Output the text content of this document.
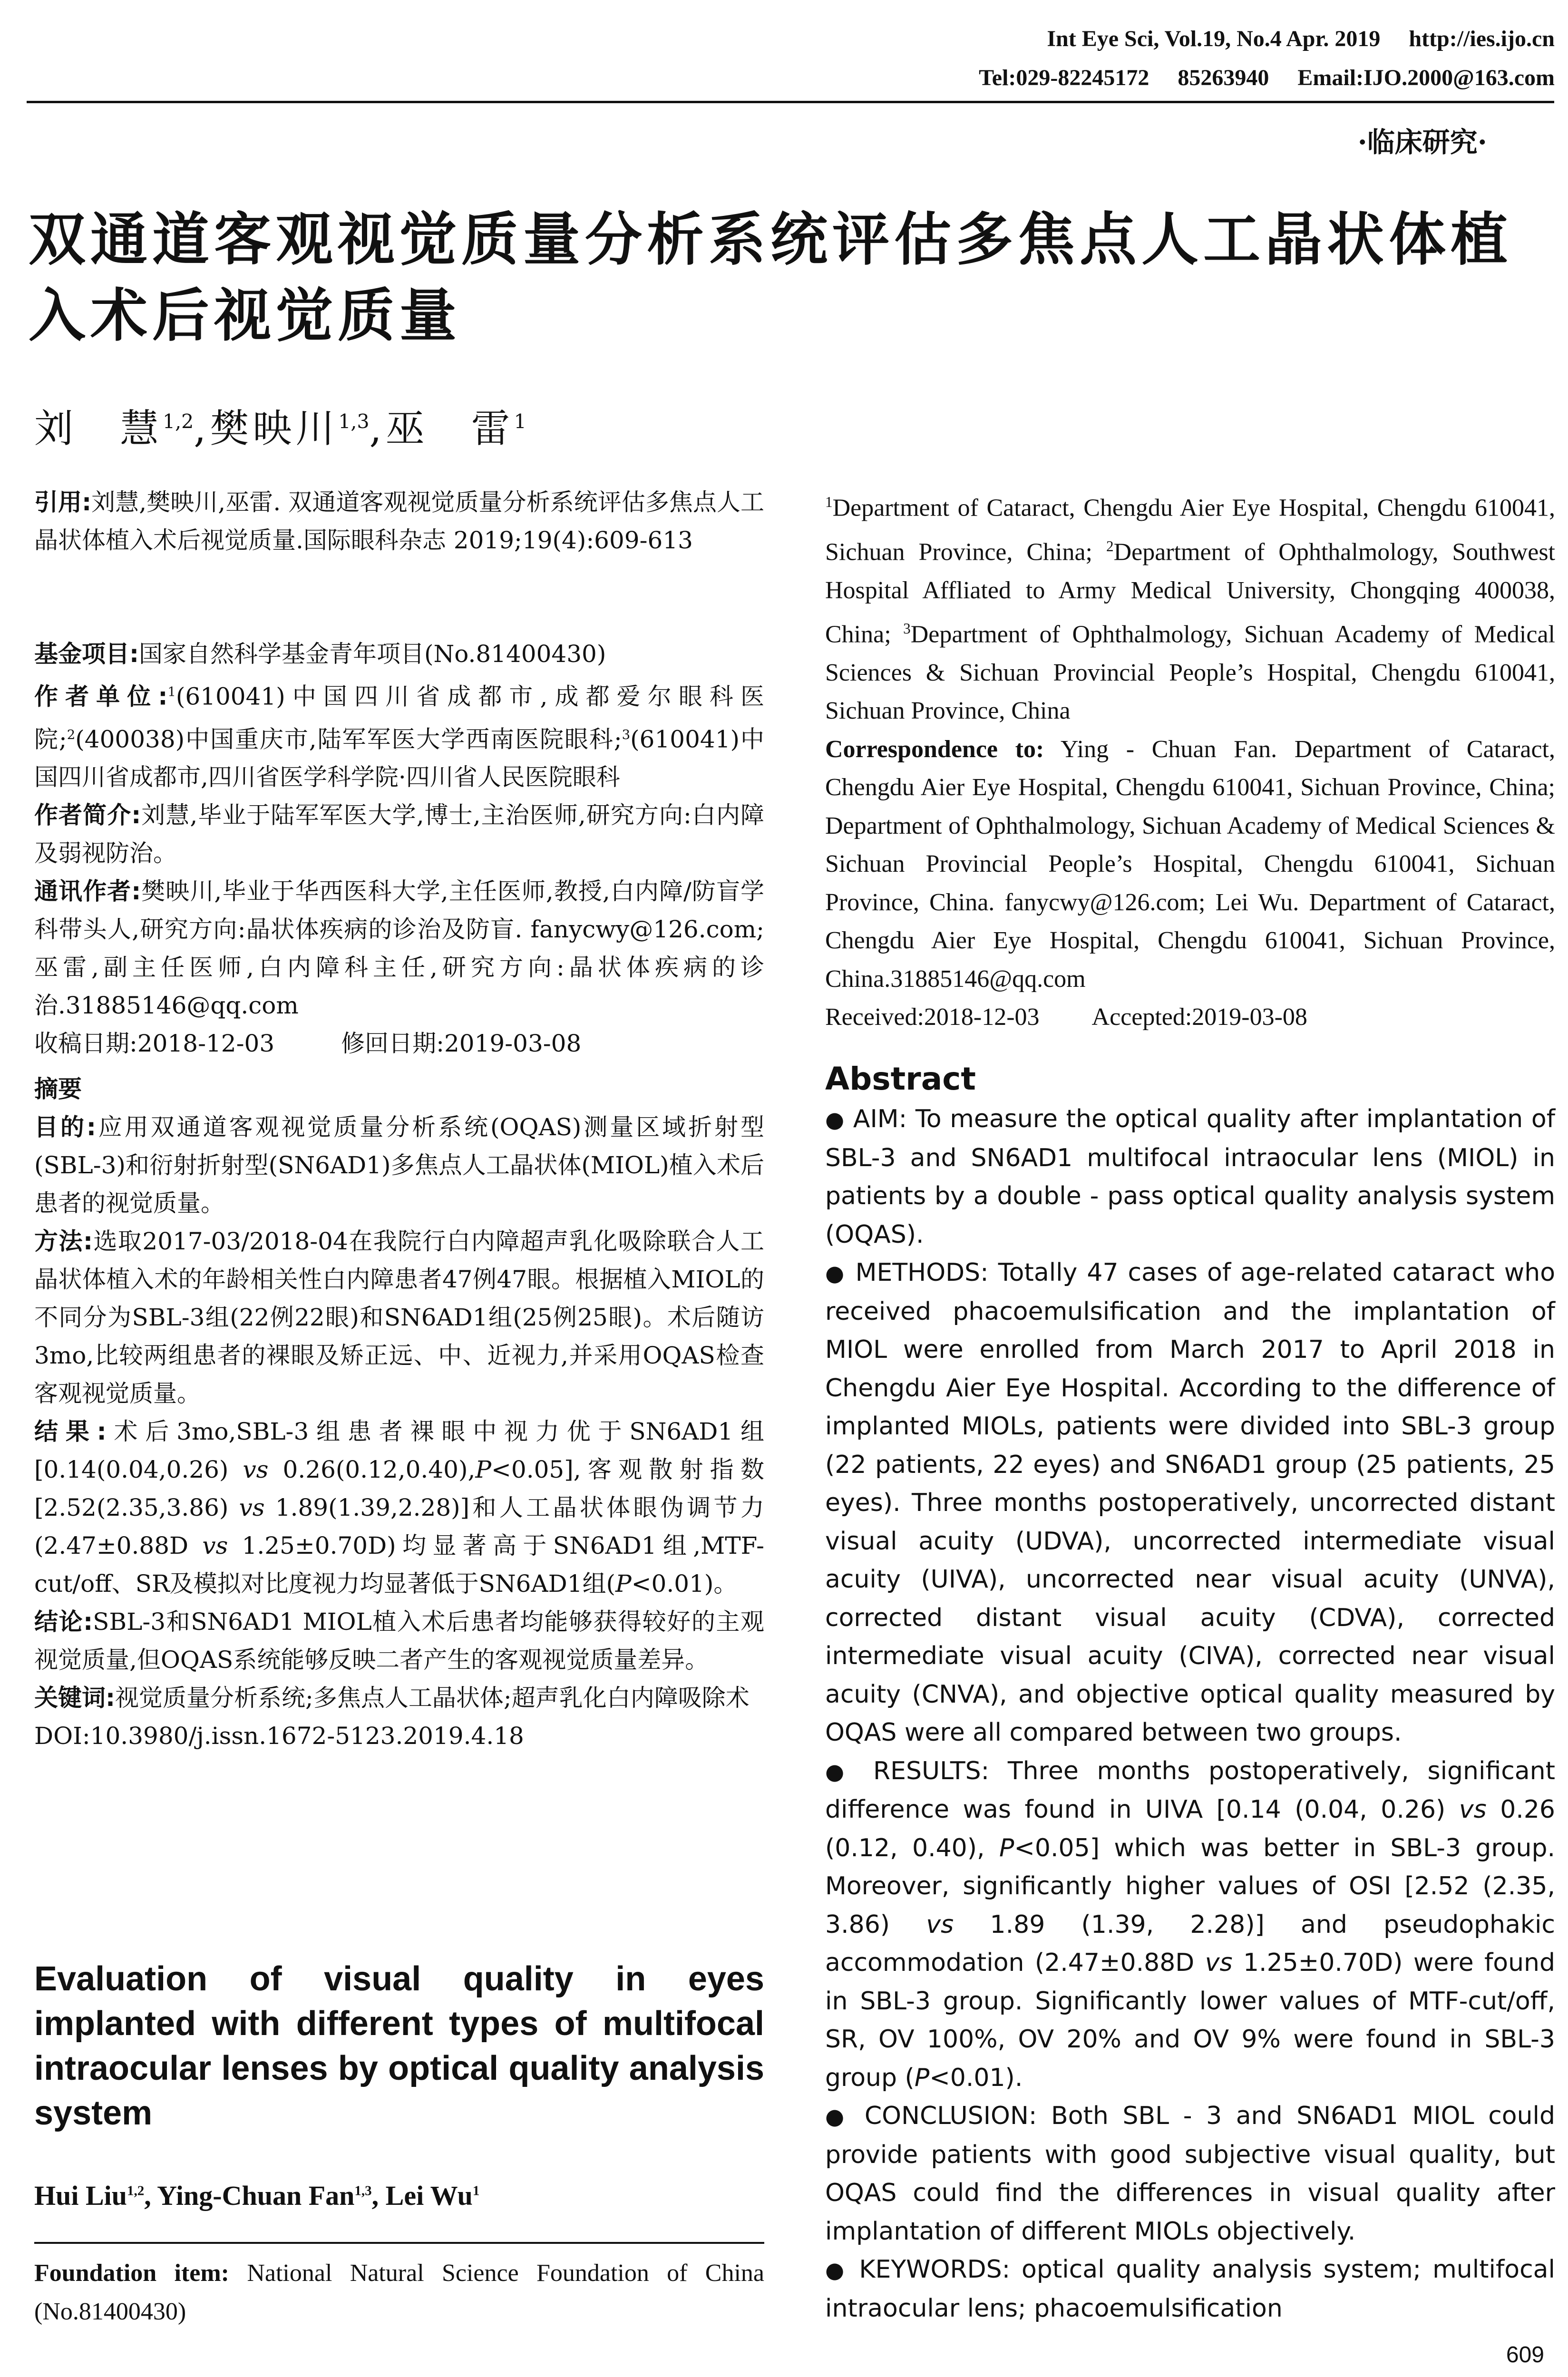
Int Eye Sci, Vol.19, No.4 Apr. 2019 http://ies.ijo.cn
Tel:029-82245172 85263940 Email:IJO.2000@163.com
·临床研究·
双通道客观视觉质量分析系统评估多焦点人工晶状体植入术后视觉质量
刘　慧$^{1,2}$,樊映川$^{1,3}$,巫　雷$^1$

引用:刘慧,樊映川,巫雷. 双通道客观视觉质量分析系统评估多焦点人工晶状体植入术后视觉质量.国际眼科杂志 2019;19(4):609-613

基金项目:国家自然科学基金青年项目(No.81400430)

作者单位:$^1$(610041)中国四川省成都市,成都爱尔眼科医院;$^2$(400038)中国重庆市,陆军军医大学西南医院眼科;$^3$(610041)中国四川省成都市,四川省医学科学院·四川省人民医院眼科

作者简介:刘慧,毕业于陆军军医大学,博士,主治医师,研究方向:白内障及弱视防治。

通讯作者:樊映川,毕业于华西医科大学,主任医师,教授,白内障/防盲学科带头人,研究方向:晶状体疾病的诊治及防盲. fanycwy@126.com;巫雷,副主任医师,白内障科主任,研究方向:晶状体疾病的诊治.31885146@qq.com

收稿日期:2018-12-03	修回日期:2019-03-08

摘要

目的:应用双通道客观视觉质量分析系统(OQAS)测量区域折射型(SBL-3)和衍射折射型(SN6AD1)多焦点人工晶状体(MIOL)植入术后患者的视觉质量。

方法:选取2017-03/2018-04在我院行白内障超声乳化吸除联合人工晶状体植入术的年龄相关性白内障患者47例47眼。根据植入MIOL的不同分为SBL-3组(22例22眼)和SN6AD1组(25例25眼)。术后随访3mo,比较两组患者的裸眼及矫正远、中、近视力,并采用OQAS检查客观视觉质量。

结果:术后3mo,SBL-3组患者裸眼中视力优于SN6AD1组[0.14(0.04,0.26) vs 0.26(0.12,0.40),P<0.05],客观散射指数[2.52(2.35,3.86) vs 1.89(1.39,2.28)]和人工晶状体眼伪调节力(2.47±0.88D vs 1.25±0.70D)均显著高于SN6AD1组,MTF-cut/off、SR及模拟对比度视力均显著低于SN6AD1组(P<0.01)。

结论:SBL-3和SN6AD1 MIOL植入术后患者均能够获得较好的主观视觉质量,但OQAS系统能够反映二者产生的客观视觉质量差异。

关键词:视觉质量分析系统;多焦点人工晶状体;超声乳化白内障吸除术

DOI:10.3980/j.issn.1672-5123.2019.4.18

Evaluation of visual quality in eyes implanted with different types of multifocal intraocular lenses by optical quality analysis system

Hui Liu$^{1,2}$, Ying-Chuan Fan$^{1,3}$, Lei Wu$^1$

Foundation item: National Natural Science Foundation of China (No.81400430)

$^1$Department of Cataract, Chengdu Aier Eye Hospital, Chengdu 610041, Sichuan Province, China; $^2$Department of Ophthalmology, Southwest Hospital Affliated to Army Medical University, Chongqing 400038, China; $^3$Department of Ophthalmology, Sichuan Academy of Medical Sciences & Sichuan Provincial People’s Hospital, Chengdu 610041, Sichuan Province, China

Correspondence to: Ying - Chuan Fan. Department of Cataract, Chengdu Aier Eye Hospital, Chengdu 610041, Sichuan Province, China; Department of Ophthalmology, Sichuan Academy of Medical Sciences & Sichuan Provincial People’s Hospital, Chengdu 610041, Sichuan Province, China. fanycwy@126.com; Lei Wu. Department of Cataract, Chengdu Aier Eye Hospital, Chengdu 610041, Sichuan Province, China.31885146@qq.com

Received:2018-12-03 Accepted:2019-03-08

Abstract

● AIM: To measure the optical quality after implantation of SBL-3 and SN6AD1 multifocal intraocular lens (MIOL) in patients by a double - pass optical quality analysis system (OQAS).

● METHODS: Totally 47 cases of age-related cataract who received phacoemulsification and the implantation of MIOL were enrolled from March 2017 to April 2018 in Chengdu Aier Eye Hospital. According to the difference of implanted MIOLs, patients were divided into SBL-3 group (22 patients, 22 eyes) and SN6AD1 group (25 patients, 25 eyes). Three months postoperatively, uncorrected distant visual acuity (UDVA), uncorrected intermediate visual acuity (UIVA), uncorrected near visual acuity (UNVA), corrected distant visual acuity (CDVA), corrected intermediate visual acuity (CIVA), corrected near visual acuity (CNVA), and objective optical quality measured by OQAS were all compared between two groups.

● RESULTS: Three months postoperatively, significant difference was found in UIVA [0.14 (0.04, 0.26) vs 0.26 (0.12, 0.40), P<0.05] which was better in SBL-3 group. Moreover, significantly higher values of OSI [2.52 (2.35, 3.86) vs 1.89 (1.39, 2.28)] and pseudophakic accommodation (2.47±0.88D vs 1.25±0.70D) were found in SBL-3 group. Significantly lower values of MTF-cut/off, SR, OV 100%, OV 20% and OV 9% were found in SBL-3 group (P<0.01).

● CONCLUSION: Both SBL - 3 and SN6AD1 MIOL could provide patients with good subjective visual quality, but OQAS could find the differences in visual quality after implantation of different MIOLs objectively.

● KEYWORDS: optical quality analysis system; multifocal intraocular lens; phacoemulsification

609
